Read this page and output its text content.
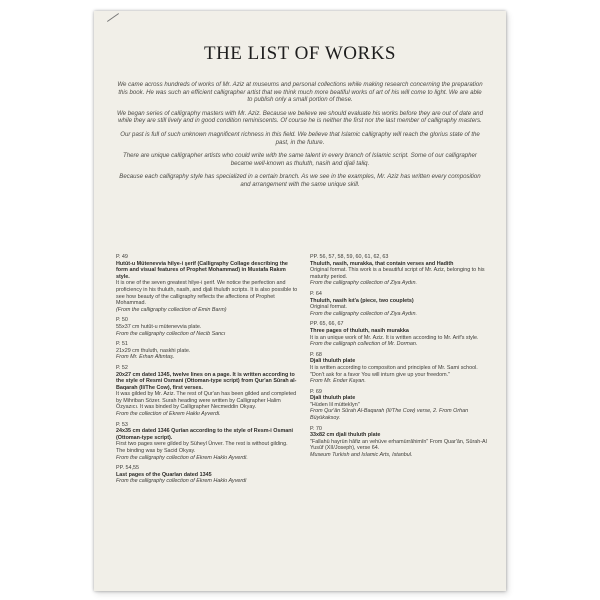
THE LIST OF WORKS

We came across hundreds of works of Mr. Aziz at museums and personal collections while making research concerning the preparation this book. He was such an efficient calligrapher artist that we think much more beatiful works of art of his will come to light. We are able to publish only a small portion of these.

We began series of calligraphy masters with Mr. Aziz. Because we believe we should evaluate his works before they are out of date and while they are still lively and in good condition reminiscents. Of course he is neither the first nor the last member of calligraphy masters.

Our past is full of such unknown magnificent richness in this field. We believe that Islamic calligraphy will reach the glorius state of the past, in the future.

There are unique calligrapher artists who could write with the same talent in every branch of Islamic script. Some of our calligrapher became well-known as thuluth, nasih and djali taliq.

Because each calligraphy style has specialized in a certain branch. As we see in the examples, Mr. Aziz has written every composition and arrangement with the same unique skill.

P. 49
Hutût-u Mütenevvia hilye-i şerif (Calligraphy Collage describing the form and visual features of Prophet Mohammad) in Mustafa Rakım style.
It is one of the seven greatest hilye-i şerif. We notice the perfection and proficiency in his thuluth, nasih, and djali thuluth scripts. It is also possible to see how beauty of the calligraphy reflects the affections of Prophet Mohammad.
(From the calligraphy collection of Emin Barın)
P. 50
55x37 cm hutût-u mütenevvia plate.
From the calligraphy collection of Necib Sancı
P. 51
21x29 cm thuluth, naskhi plate.
From Mr. Erhan Altıntaş.
P. 52
20x27 cm dated 1345, twelve lines on a page. It is written according to the style of Resmi Osmani (Ottoman-type script) from Qur'an Sûrah al-Baqarah (II/The Cow), first verses.
It was gilded by Mr. Aziz. The rest of Qur'an has been gilded and completed by Mihriban Sözer. Surah heading were written by Calligrapher Halim Özyazıcı. It was binded by Calligrapher Necmeddin Okyay.
From the collection of Ekrem Hakkı Ayverdi.
P. 53
24x35 cm dated 1346 Qurîan according to the style of Resm-i Osmani (Ottoman-type script).
First two pages were gilded by Süheyl Ünver. The rest is without gilding. The binding was by Sacid Okyay.
From the calligraphy collection of Ekrem Hakkı Ayverdi.
PP. 54,55
Last pages of the Quarîan dated 1345
From the calligraphy collection of Ekrem Hakkı Ayverdi
PP. 56, 57, 58, 59, 60, 61, 62, 63
Thuluth, nasih, murakka, that contain verses and Hadith
Original format. This work is a beautiful script of Mr. Aziz, belonging to his maturity period.
From the calligraphy collection of Ziya Aydın.
P. 64
Thuluth, nasih kıt'a (piece, two couplets)
Original format.
From the calligraphy collection of Ziya Aydın.
PP. 65, 66, 67
Three pages of thuluth, nasih murakka
It is an unique work of Mr. Aziz. It is written according to Mr. Arif's style.
From the calligraph collection of Mr. Dorman.
P. 68
Djali thuluth plate
It is written according to compositon and principles of Mr. Sami school. "Don't ask for a favor You will inturn give up your freedom."
From Mr. Ender Kayan.
P. 69
Djali thuluth plate
"Hüden lil müttekîyn"
From Qur'ân Sûrah Al-Baqarah (II/The Cow) verse, 2. From Orhan Büyükaksoy.
P. 70
33x82 cm djali thuluth plate
"Fallahü hayrün hâfiz an vehüve erhamürrâhimîn" From Quar'ân, Sûrah-Al Yusûf (XII/Joseph), verse 64.
Museum Turkish and Islamic Arts, Istanbul.
